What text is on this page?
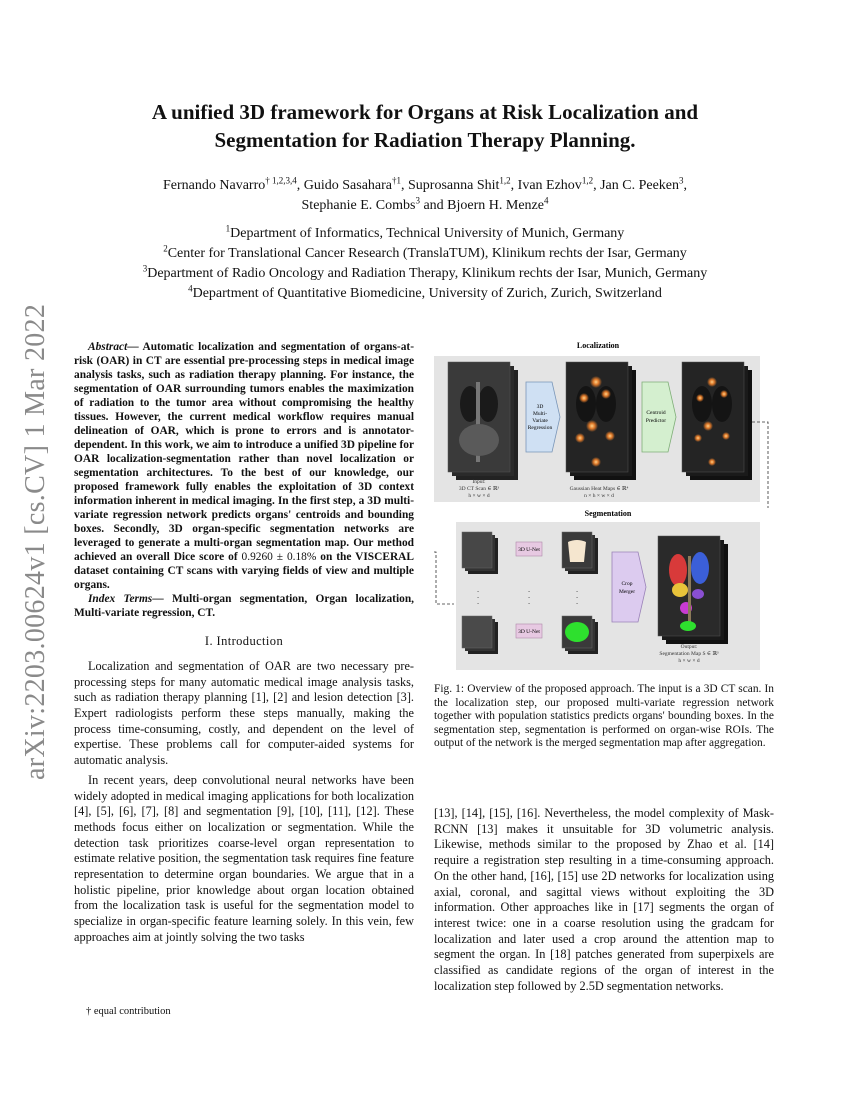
arXiv:2203.00624v1 [cs.CV] 1 Mar 2022
A unified 3D framework for Organs at Risk Localization and
Segmentation for Radiation Therapy Planning.
Fernando Navarro$^{\dagger 1,2,3,4}$, Guido Sasahara$^{\dagger 1}$, Suprosanna Shit$^{1,2}$, Ivan Ezhov$^{1,2}$, Jan C. Peeken$^3$,
Stephanie E. Combs$^3$ and Bjoern H. Menze$^4$
$^1$Department of Informatics, Technical University of Munich, Germany
$^2$Center for Translational Cancer Research (TranslaTUM), Klinikum rechts der Isar, Germany
$^3$Department of Radio Oncology and Radiation Therapy, Klinikum rechts der Isar, Munich, Germany
$^4$Department of Quantitative Biomedicine, University of Zurich, Zurich, Switzerland

Abstract— Automatic localization and segmentation of organs-at-risk (OAR) in CT are essential pre-processing steps in medical image analysis tasks, such as radiation therapy planning. For instance, the segmentation of OAR surrounding tumors enables the maximization of radiation to the tumor area without compromising the healthy tissues. However, the current medical workflow requires manual delineation of OAR, which is prone to errors and is annotator-dependent. In this work, we aim to introduce a unified 3D pipeline for OAR localization-segmentation rather than novel localization or segmentation architectures. To the best of our knowledge, our proposed framework fully enables the exploitation of 3D context information inherent in medical imaging. In the first step, a 3D multi-variate regression network predicts organs' centroids and bounding boxes. Secondly, 3D organ-specific segmentation networks are leveraged to generate a multi-organ segmentation map. Our method achieved an overall Dice score of 0.9260 ± 0.18% on the VISCERAL dataset containing CT scans with varying fields of view and multiple organs.

Index Terms— Multi-organ segmentation, Organ localization, Multi-variate regression, CT.

I. Introduction

Localization and segmentation of OAR are two necessary pre-processing steps for many automatic medical image analysis tasks, such as radiation therapy planning [1], [2] and lesion detection [3]. Expert radiologists perform these steps manually, making the process time-consuming, costly, and dependent on the level of expertise. These problems call for computer-aided systems for automatic analysis.

In recent years, deep convolutional neural networks have been widely adopted in medical imaging applications for both localization [4], [5], [6], [7], [8] and segmentation [9], [10], [11], [12]. These methods focus either on localization or segmentation. While the detection task prioritizes coarse-level organ representation to estimate relative position, the segmentation task requires fine feature representation to determine organ boundaries. We argue that in a holistic pipeline, prior knowledge about organ location obtained from the localization task is useful for the segmentation model to specialize in organ-specific feature learning solely. In this vein, few approaches aim at jointly solving the two tasks

† equal contribution
Localization
Input:
3D CT Scan ∈ ℝ³
h × w × d
3D
Multi-
Variate
Regression
Gaussian Heat Maps ∈ ℝ⁴
n × h × w × d
Centroid
Predictor
Segmentation
3D U-Net
·
·
·
·
·
·
·
·
·
3D U-Net
Crop
Merger
Output:
Segmentation Map S ∈ ℝ³
h × w × d
Fig. 1: Overview of the proposed approach. The input is a 3D CT scan. In the localization step, our proposed multi-variate regression network together with population statistics predicts organs' bounding boxes. In the segmentation step, segmentation is performed on organ-wise ROIs. The output of the network is the merged segmentation map after aggregation.

[13], [14], [15], [16]. Nevertheless, the model complexity of Mask-RCNN [13] makes it unsuitable for 3D volumetric analysis. Likewise, methods similar to the proposed by Zhao et al. [14] require a registration step resulting in a time-consuming approach. On the other hand, [16], [15] use 2D networks for localization using axial, coronal, and sagittal views without exploiting the 3D information. Other approaches like in [17] segments the organ of interest twice: one in a coarse resolution using the gradcam for localization and later used a crop around the attention map to segment the organ. In [18] patches generated from superpixels are classified as candidate regions of the organ of interest in the localization step followed by 2.5D segmentation networks.
